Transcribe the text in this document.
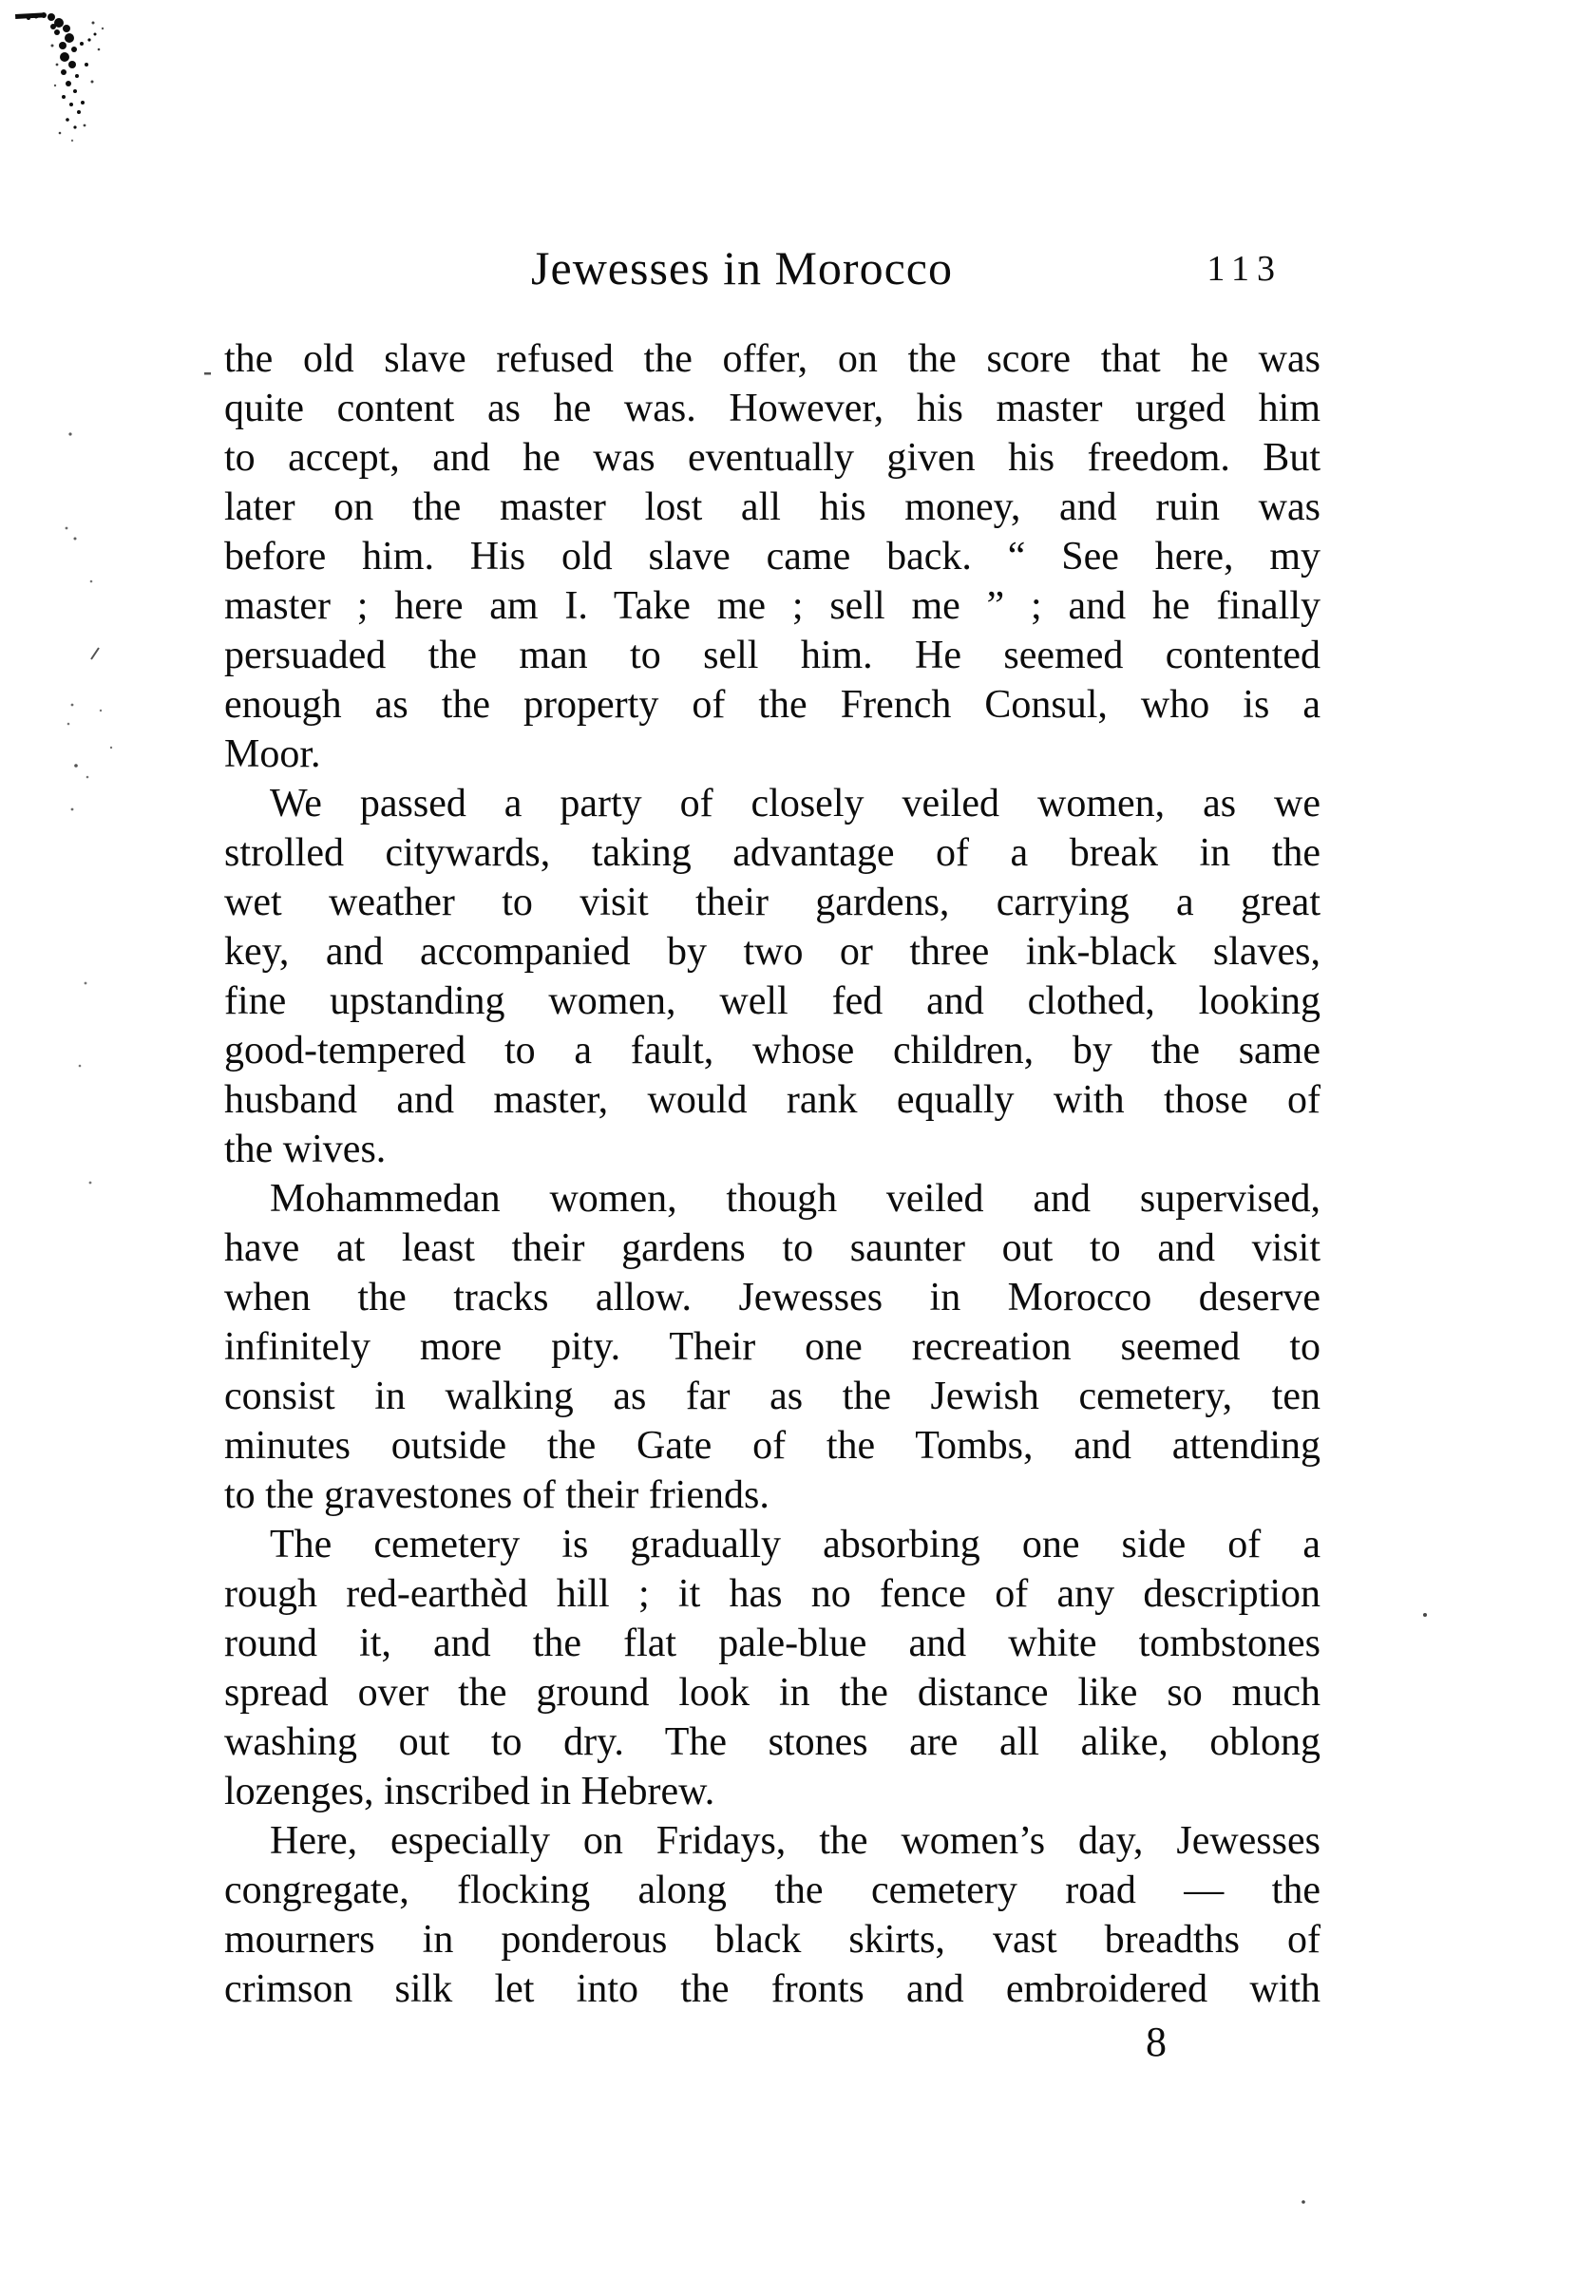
Jewesses in Morocco	113
the old slave refused the offer, on the score that he was
quite content as he was. However, his master urged him
to accept, and he was eventually given his freedom. But
later on the master lost all his money, and ruin was
before him. His old slave came back. “ See here, my
master ; here am I. Take me ; sell me ” ; and he finally
persuaded the man to sell him. He seemed contented
enough as the property of the French Consul, who is a
Moor.
We passed a party of closely veiled women, as we
strolled citywards, taking advantage of a break in the
wet weather to visit their gardens, carrying a great
key, and accompanied by two or three ink-black slaves,
fine upstanding women, well fed and clothed, looking
good-tempered to a fault, whose children, by the same
husband and master, would rank equally with those of
the wives.
Mohammedan women, though veiled and supervised,
have at least their gardens to saunter out to and visit
when the tracks allow. Jewesses in Morocco deserve
infinitely more pity. Their one recreation seemed to
consist in walking as far as the Jewish cemetery, ten
minutes outside the Gate of the Tombs, and attending
to the gravestones of their friends.
The cemetery is gradually absorbing one side of a
rough red-earthèd hill ; it has no fence of any description
round it, and the flat pale-blue and white tombstones
spread over the ground look in the distance like so much
washing out to dry. The stones are all alike, oblong
lozenges, inscribed in Hebrew.
Here, especially on Fridays, the women’s day, Jewesses
congregate, flocking along the cemetery road — the
mourners in ponderous black skirts, vast breadths of
crimson silk let into the fronts and embroidered with
8
